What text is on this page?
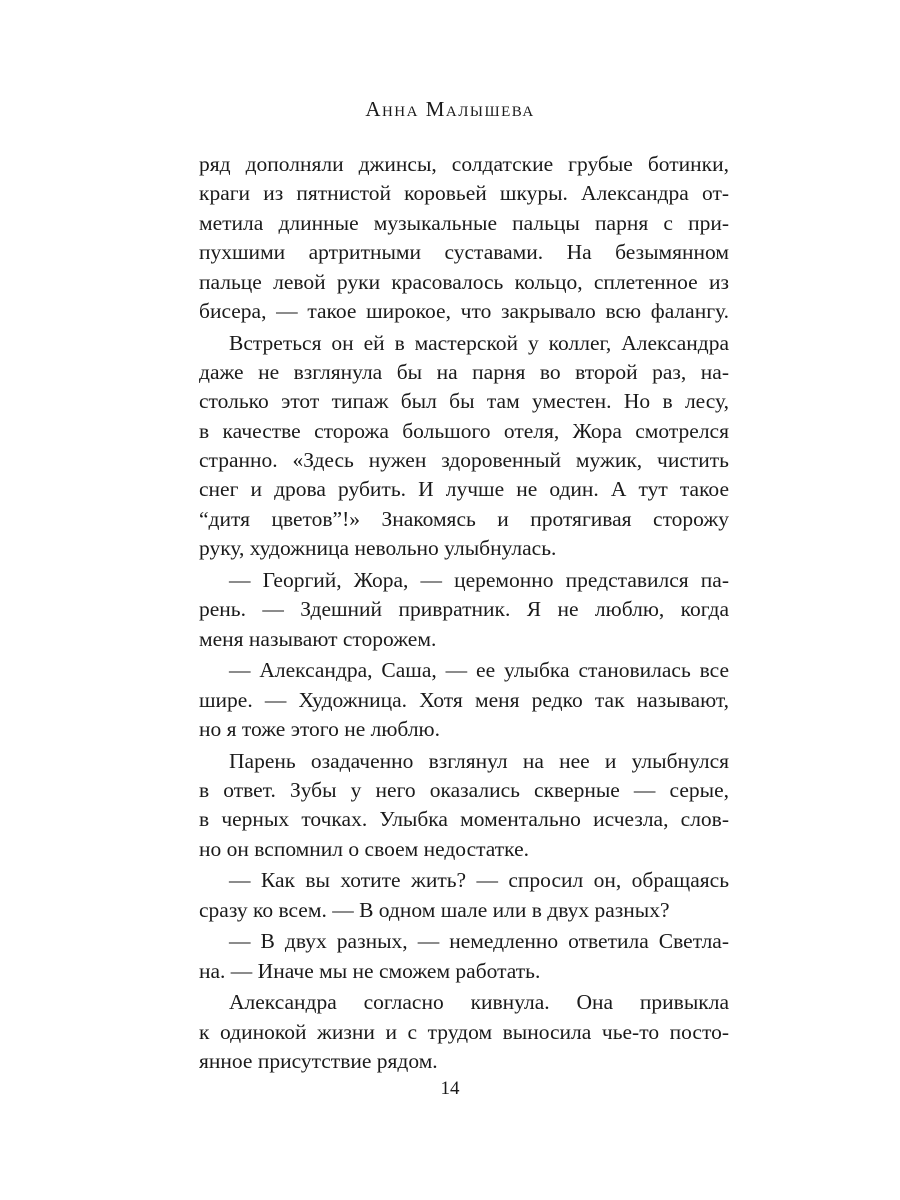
Анна Малышева
ряд дополняли джинсы, солдатские грубые ботинки,
краги из пятнистой коровьей шкуры. Александра от-
метила длинные музыкальные пальцы парня с при-
пухшими артритными суставами. На безымянном
пальце левой руки красовалось кольцо, сплетенное из
бисера, — такое широкое, что закрывало всю фалангу.
Встреться он ей в мастерской у коллег, Александра
даже не взглянула бы на парня во второй раз, на-
столько этот типаж был бы там уместен. Но в лесу,
в качестве сторожа большого отеля, Жора смотрелся
странно. «Здесь нужен здоровенный мужик, чистить
снег и дрова рубить. И лучше не один. А тут такое
“дитя цветов”!» Знакомясь и протягивая сторожу
руку, художница невольно улыбнулась.
— Георгий, Жора, — церемонно представился па-
рень. — Здешний привратник. Я не люблю, когда
меня называют сторожем.
— Александра, Саша, — ее улыбка становилась все
шире. — Художница. Хотя меня редко так называют,
но я тоже этого не люблю.
Парень озадаченно взглянул на нее и улыбнулся
в ответ. Зубы у него оказались скверные — серые,
в черных точках. Улыбка моментально исчезла, слов-
но он вспомнил о своем недостатке.
— Как вы хотите жить? — спросил он, обращаясь
сразу ко всем. — В одном шале или в двух разных?
— В двух разных, — немедленно ответила Светла-
на. — Иначе мы не сможем работать.
Александра согласно кивнула. Она привыкла
к одинокой жизни и с трудом выносила чье-то посто-
янное присутствие рядом.
14
